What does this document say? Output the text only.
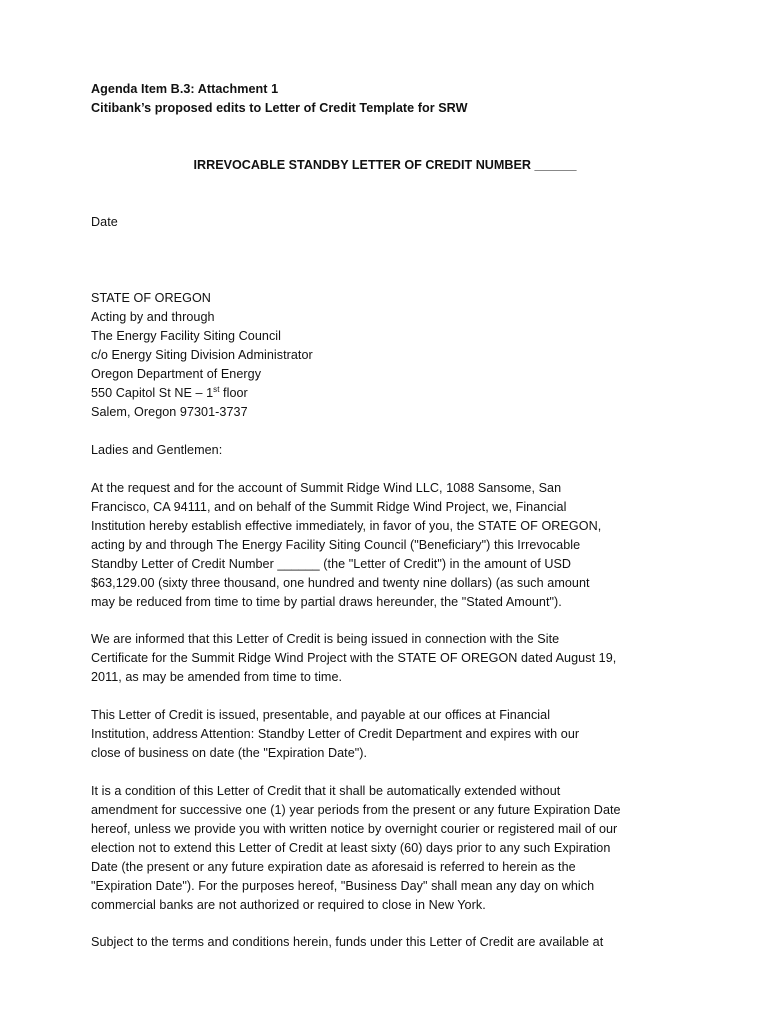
Agenda Item B.3: Attachment 1
Citibank’s proposed edits to Letter of Credit Template for SRW
IRREVOCABLE STANDBY LETTER OF CREDIT NUMBER ______
Date
STATE OF OREGON
Acting by and through
The Energy Facility Siting Council
c/o Energy Siting Division Administrator
Oregon Department of Energy
550 Capitol St NE – 1st floor
Salem, Oregon 97301-3737
Ladies and Gentlemen:
At the request and for the account of Summit Ridge Wind LLC, 1088 Sansome, San
Francisco, CA 94111, and on behalf of the Summit Ridge Wind Project, we, Financial
Institution hereby establish effective immediately, in favor of you, the STATE OF OREGON,
acting by and through The Energy Facility Siting Council ("Beneficiary") this Irrevocable
Standby Letter of Credit Number ______ (the "Letter of Credit") in the amount of USD
$63,129.00 (sixty three thousand, one hundred and twenty nine dollars) (as such amount
may be reduced from time to time by partial draws hereunder, the "Stated Amount").
We are informed that this Letter of Credit is being issued in connection with the Site
Certificate for the Summit Ridge Wind Project with the STATE OF OREGON dated August 19,
2011, as may be amended from time to time.
This Letter of Credit is issued, presentable, and payable at our offices at Financial
Institution, address Attention: Standby Letter of Credit Department and expires with our
close of business on date (the "Expiration Date").
It is a condition of this Letter of Credit that it shall be automatically extended without
amendment for successive one (1) year periods from the present or any future Expiration Date
hereof, unless we provide you with written notice by overnight courier or registered mail of our
election not to extend this Letter of Credit at least sixty (60) days prior to any such Expiration
Date (the present or any future expiration date as aforesaid is referred to herein as the
"Expiration Date"). For the purposes hereof, "Business Day" shall mean any day on which
commercial banks are not authorized or required to close in New York.
Subject to the terms and conditions herein, funds under this Letter of Credit are available at
